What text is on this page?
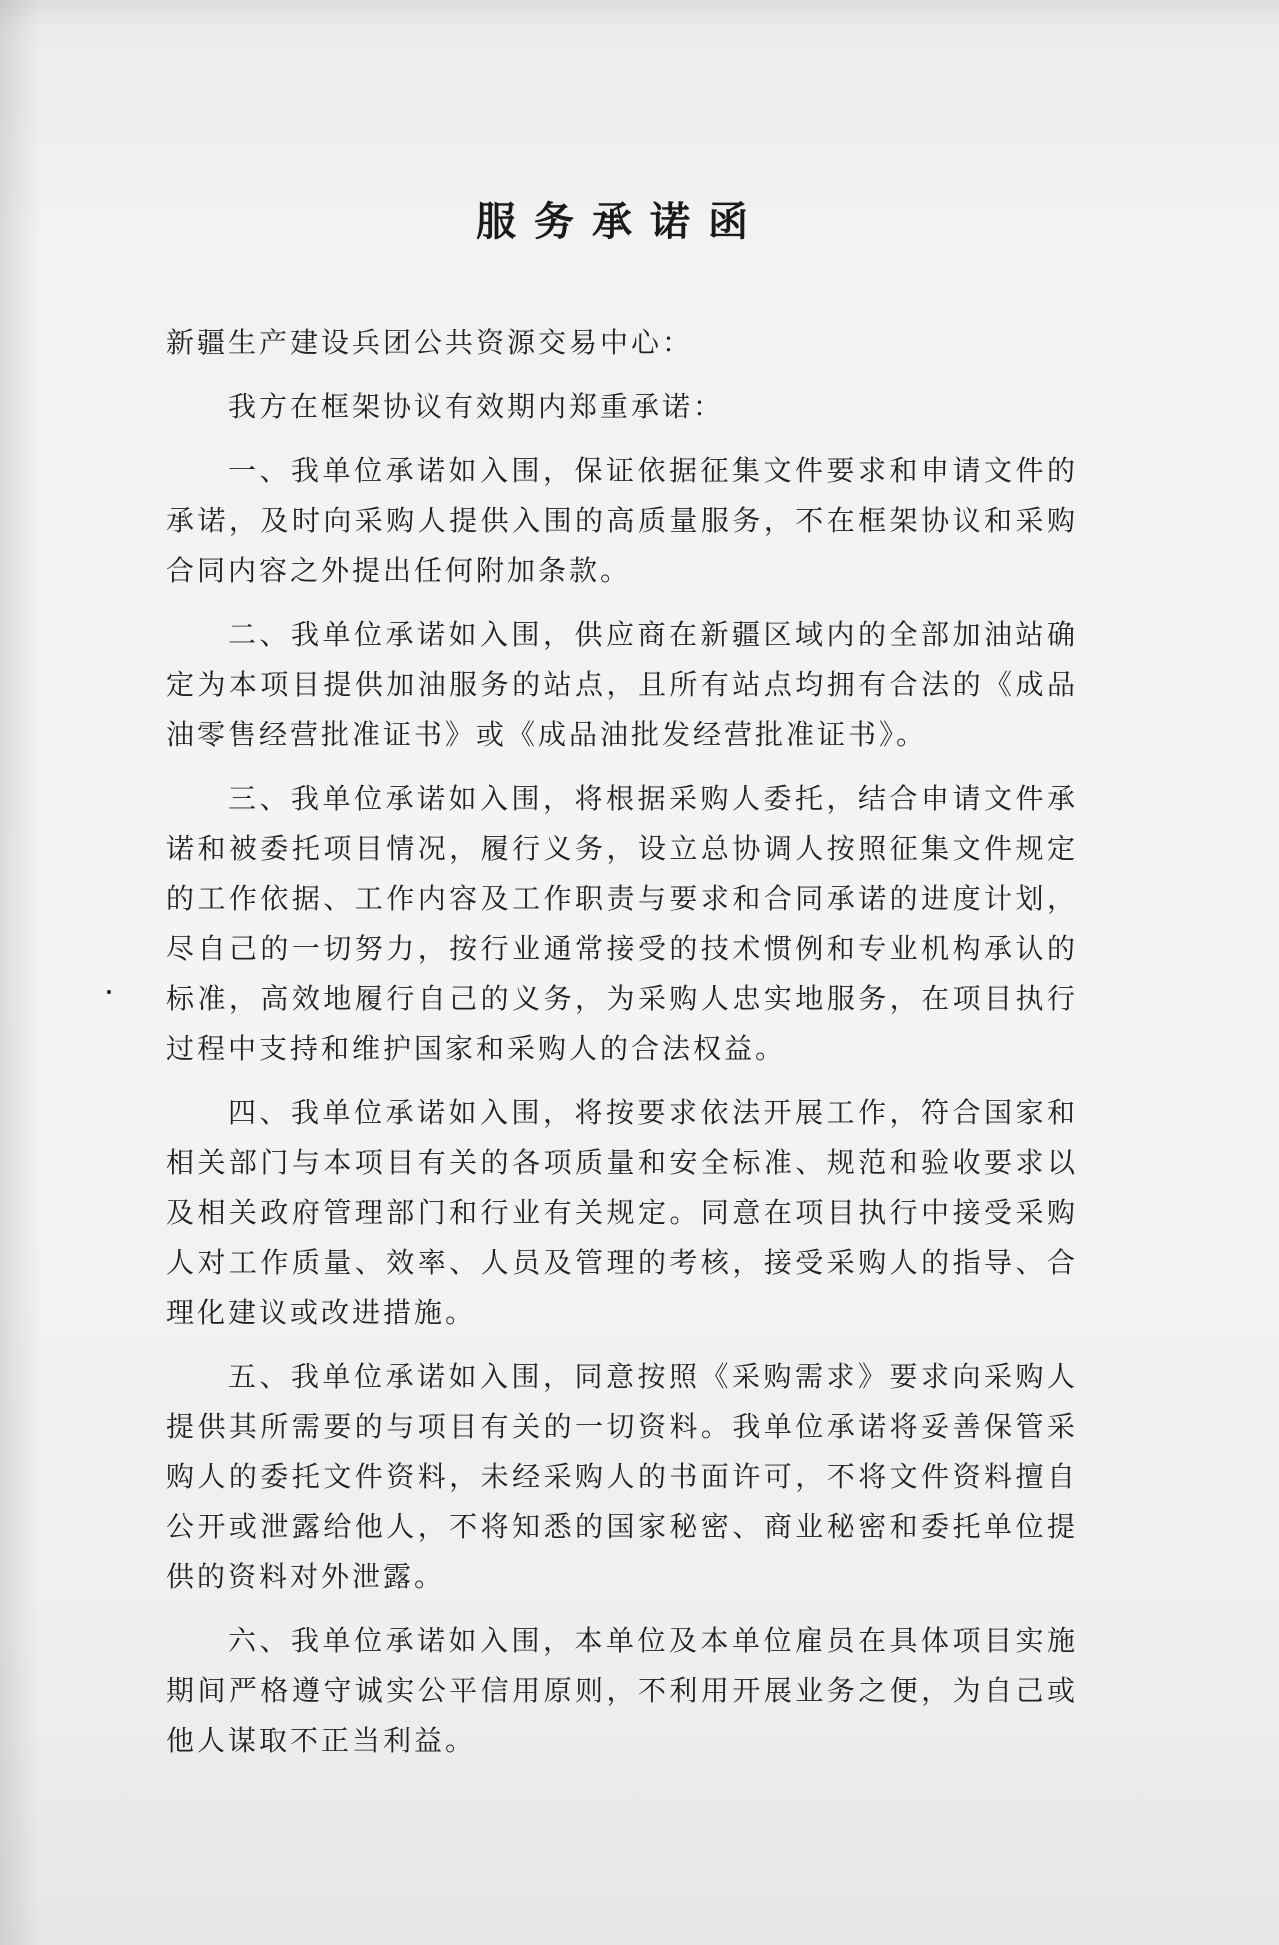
服务承诺函
新疆生产建设兵团公共资源交易中心：
我方在框架协议有效期内郑重承诺：
一、我单位承诺如入围，保证依据征集文件要求和申请文件的承诺，及时向采购人提供入围的高质量服务，不在框架协议和采购合同内容之外提出任何附加条款。
二、我单位承诺如入围，供应商在新疆区域内的全部加油站确定为本项目提供加油服务的站点，且所有站点均拥有合法的《成品油零售经营批准证书》或《成品油批发经营批准证书》。
三、我单位承诺如入围，将根据采购人委托，结合申请文件承诺和被委托项目情况，履行义务，设立总协调人按照征集文件规定的工作依据、工作内容及工作职责与要求和合同承诺的进度计划，尽自己的一切努力，按行业通常接受的技术惯例和专业机构承认的标准，高效地履行自己的义务，为采购人忠实地服务，在项目执行过程中支持和维护国家和采购人的合法权益。
四、我单位承诺如入围，将按要求依法开展工作，符合国家和相关部门与本项目有关的各项质量和安全标准、规范和验收要求以及相关政府管理部门和行业有关规定。同意在项目执行中接受采购人对工作质量、效率、人员及管理的考核，接受采购人的指导、合理化建议或改进措施。
五、我单位承诺如入围，同意按照《采购需求》要求向采购人提供其所需要的与项目有关的一切资料。我单位承诺将妥善保管采购人的委托文件资料，未经采购人的书面许可，不将文件资料擅自公开或泄露给他人，不将知悉的国家秘密、商业秘密和委托单位提供的资料对外泄露。
六、我单位承诺如入围，本单位及本单位雇员在具体项目实施期间严格遵守诚实公平信用原则，不利用开展业务之便，为自己或他人谋取不正当利益。
